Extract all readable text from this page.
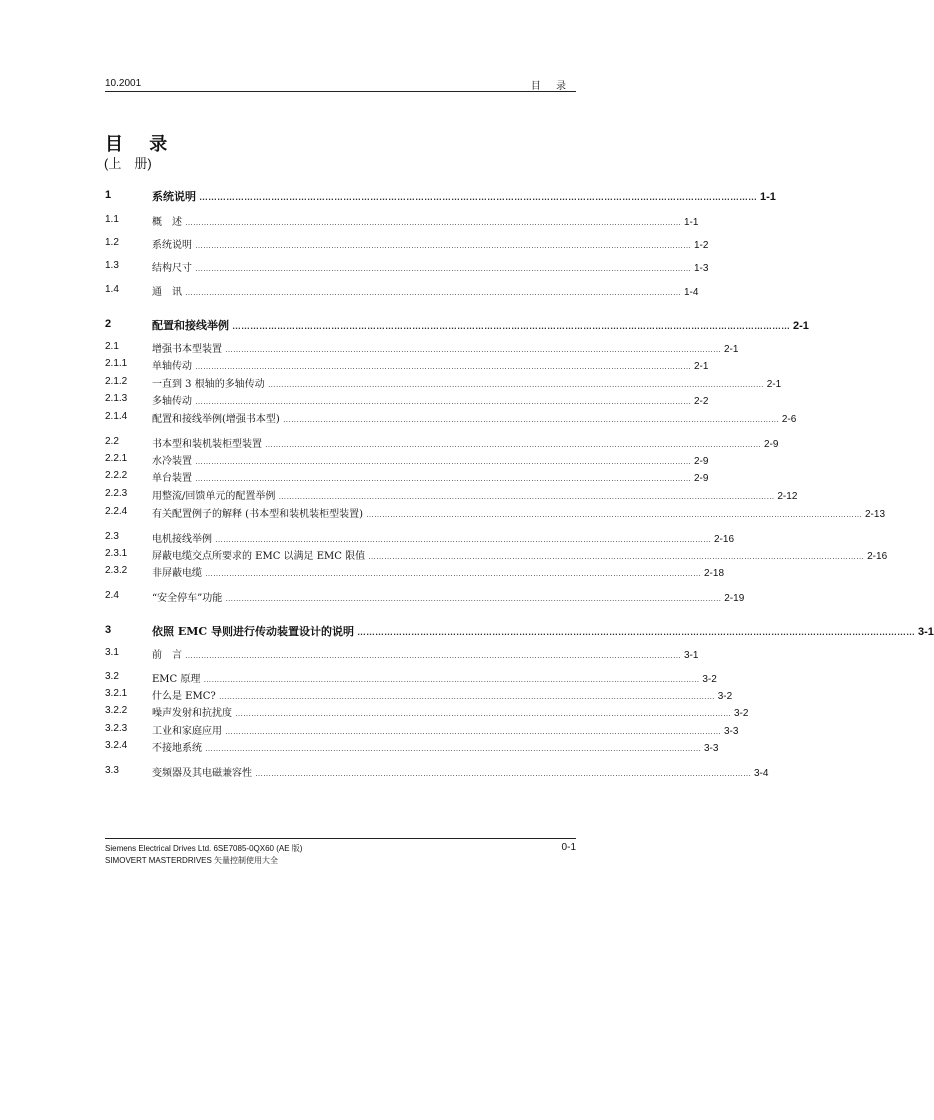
10.2001	目 录
目 录
(上　册)
1	系统说明 …………………………………………………………………………………………………………………………………………………………………… 1-1
1.1	概　述 …………………………………………………………………………………………………………………………………………………………………… 1-1
1.2	系统说明 …………………………………………………………………………………………………………………………………………………………………… 1-2
1.3	结构尺寸 …………………………………………………………………………………………………………………………………………………………………… 1-3
1.4	通　讯 …………………………………………………………………………………………………………………………………………………………………… 1-4
2	配置和接线举例 …………………………………………………………………………………………………………………………………………………………………… 2-1
2.1	增强书本型装置 …………………………………………………………………………………………………………………………………………………………………… 2-1
2.1.1 单轴传动 …………………………………………………………………………………………………………………………………………………………………… 2-1
2.1.2 一直到 3 根轴的多轴传动 …………………………………………………………………………………………………………………………………………………………………… 2-1
2.1.3 多轴传动 …………………………………………………………………………………………………………………………………………………………………… 2-2
2.1.4 配置和接线举例(增强书本型) …………………………………………………………………………………………………………………………………………………………………… 2-6
2.2	书本型和装机装柜型装置 …………………………………………………………………………………………………………………………………………………………………… 2-9
2.2.1 水冷装置 …………………………………………………………………………………………………………………………………………………………………… 2-9
2.2.2 单台装置 …………………………………………………………………………………………………………………………………………………………………… 2-9
2.2.3 用整流/回馈单元的配置举例 …………………………………………………………………………………………………………………………………………………………………… 2-12
2.2.4 有关配置例子的解释 (书本型和装机装柜型装置) …………………………………………………………………………………………………………………………………………………………………… 2-13
2.3	电机接线举例 …………………………………………………………………………………………………………………………………………………………………… 2-16
2.3.1 屏蔽电缆交点所要求的 EMC 以满足 EMC 限值 …………………………………………………………………………………………………………………………………………………………………… 2-16
2.3.2 非屏蔽电缆 …………………………………………………………………………………………………………………………………………………………………… 2-18
2.4	“安全停车”功能 …………………………………………………………………………………………………………………………………………………………………… 2-19
3	依照 EMC 导则进行传动装置设计的说明 …………………………………………………………………………………………………………………………………………………………………… 3-1
3.1	前　言 …………………………………………………………………………………………………………………………………………………………………… 3-1
3.2	EMC 原理 …………………………………………………………………………………………………………………………………………………………………… 3-2
3.2.1 什么是 EMC? …………………………………………………………………………………………………………………………………………………………………… 3-2
3.2.2 噪声发射和抗扰度 …………………………………………………………………………………………………………………………………………………………………… 3-2
3.2.3 工业和家庭应用 …………………………………………………………………………………………………………………………………………………………………… 3-3
3.2.4 不接地系统 …………………………………………………………………………………………………………………………………………………………………… 3-3
3.3	变频器及其电磁兼容性 …………………………………………………………………………………………………………………………………………………………………… 3-4
Siemens Electrical Drives Ltd. 6SE7085-0QX60 (AE 版)
SIMOVERT MASTERDRIVES 矢量控制使用大全
0-1
